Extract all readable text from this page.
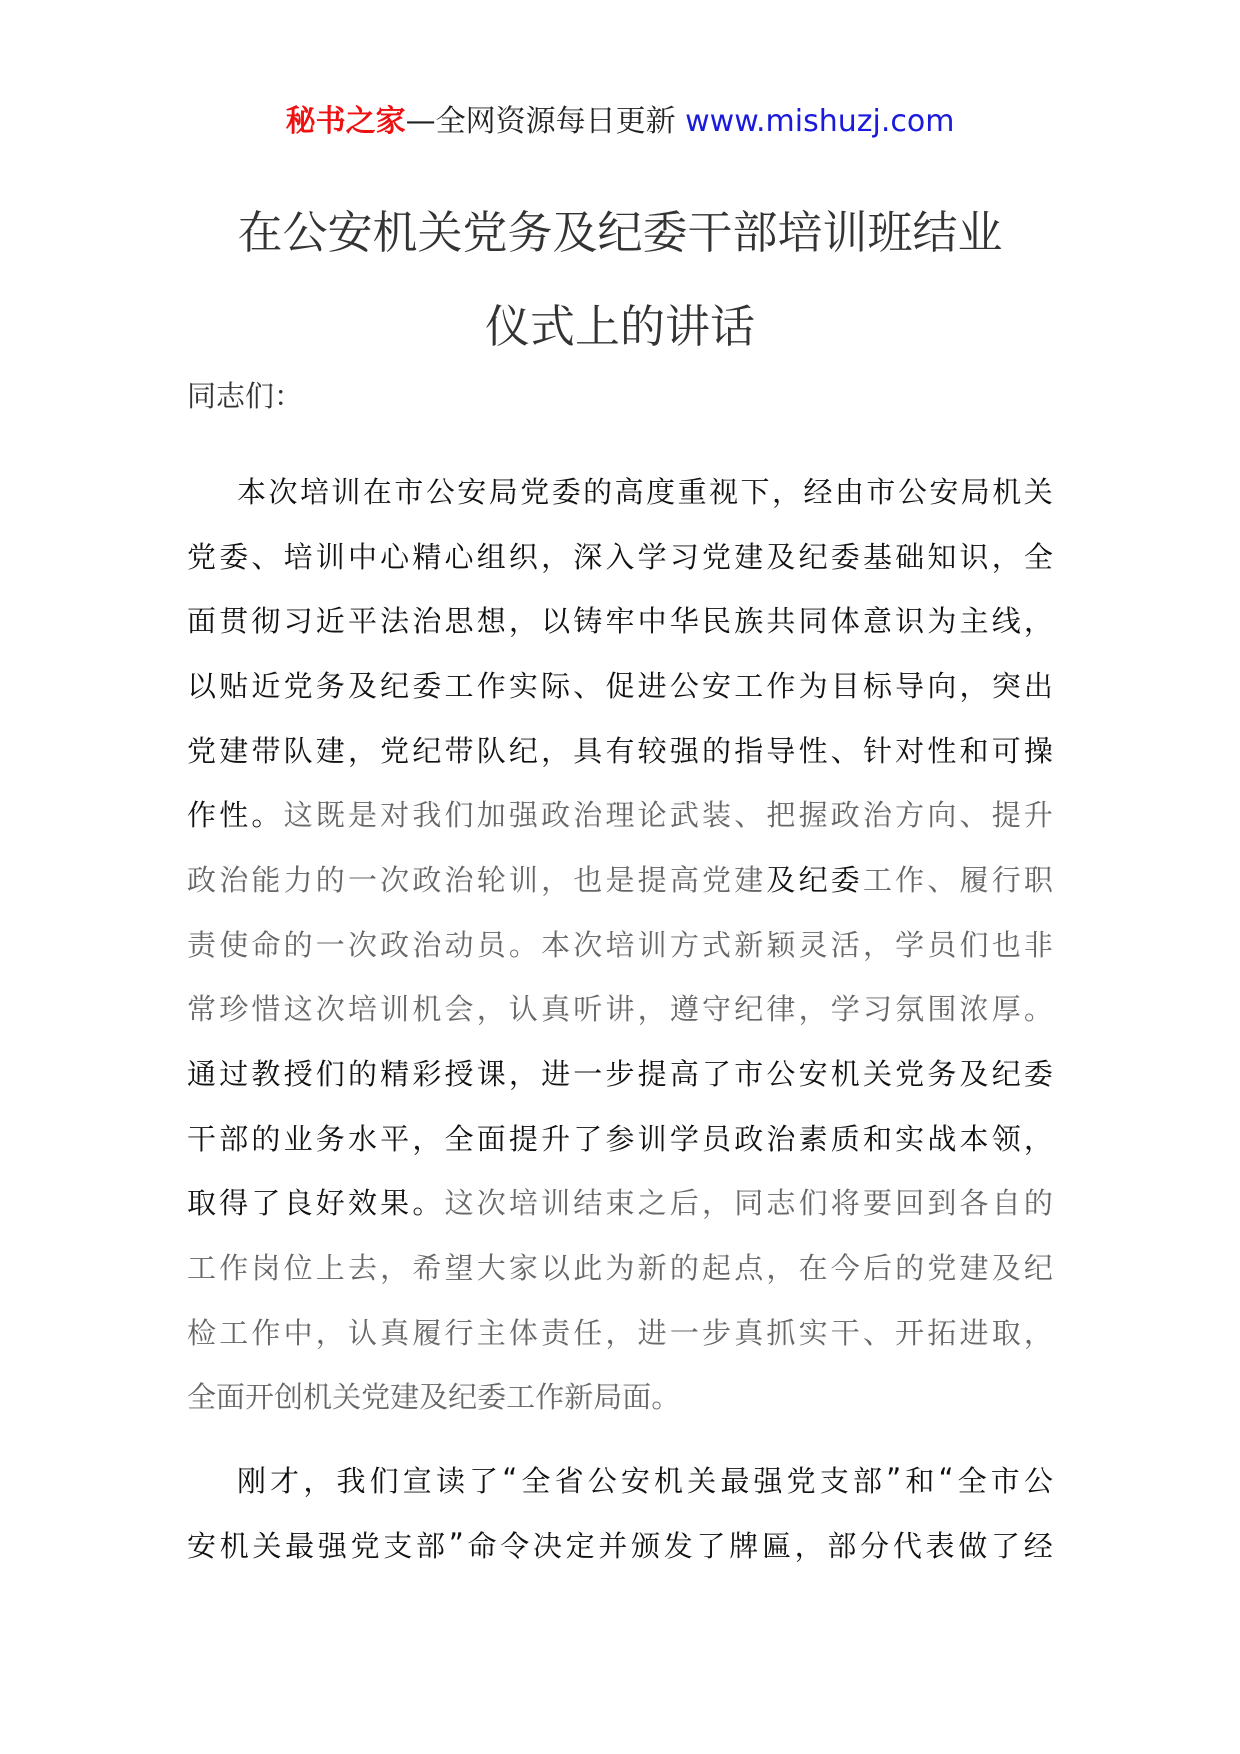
秘书之家—全网资源每日更新 www.mishuzj.com
在公安机关党务及纪委干部培训班结业
仪式上的讲话
同志们：
本 次 培 训 在 市 公 安 局 党 委 的 高 度 重 视 下 ， 经 由 市 公 安 局 机 关
党 委 、 培 训 中 心 精 心 组 织 ， 深 入 学 习 党 建 及 纪 委 基 础 知 识 ， 全
面 贯 彻 习 近 平 法 治 思 想 ， 以 铸 牢 中 华 民 族 共 同 体 意 识 为 主 线 ，
以 贴 近 党 务 及 纪 委 工 作 实 际 、 促 进 公 安 工 作 为 目 标 导 向 ， 突 出
党 建 带 队 建 ， 党 纪 带 队 纪 ， 具 有 较 强 的 指 导 性 、 针 对 性 和 可 操
作 性 。 这 既 是 对 我 们 加 强 政 治 理 论 武 装 、 把 握 政 治 方 向 、 提 升
政 治 能 力 的 一 次 政 治 轮 训 ， 也 是 提 高 党 建 及 纪 委 工 作 、 履 行 职
责 使 命 的 一 次 政 治 动 员 。 本 次 培 训 方 式 新 颖 灵 活 ， 学 员 们 也 非
常 珍 惜 这 次 培 训 机 会 ， 认 真 听 讲 ， 遵 守 纪 律 ， 学 习 氛 围 浓 厚 。
通 过 教 授 们 的 精 彩 授 课 ， 进 一 步 提 高 了 市 公 安 机 关 党 务 及 纪 委
干 部 的 业 务 水 平 ， 全 面 提 升 了 参 训 学 员 政 治 素 质 和 实 战 本 领 ，
取 得 了 良 好 效 果 。 这 次 培 训 结 束 之 后 ， 同 志 们 将 要 回 到 各 自 的
工 作 岗 位 上 去 ， 希 望 大 家 以 此 为 新 的 起 点 ， 在 今 后 的 党 建 及 纪
检 工 作 中 ， 认 真 履 行 主 体 责 任 ， 进 一 步 真 抓 实 干 、 开 拓 进 取 ，
全 面 开 创 机 关 党 建 及 纪 委 工 作 新 局 面 。
刚 才 ， 我 们 宣 读 了 “ 全 省 公 安 机 关 最 强 党 支 部 ” 和 “ 全 市 公
安 机 关 最 强 党 支 部 ” 命 令 决 定 并 颁 发 了 牌 匾 ， 部 分 代 表 做 了 经
